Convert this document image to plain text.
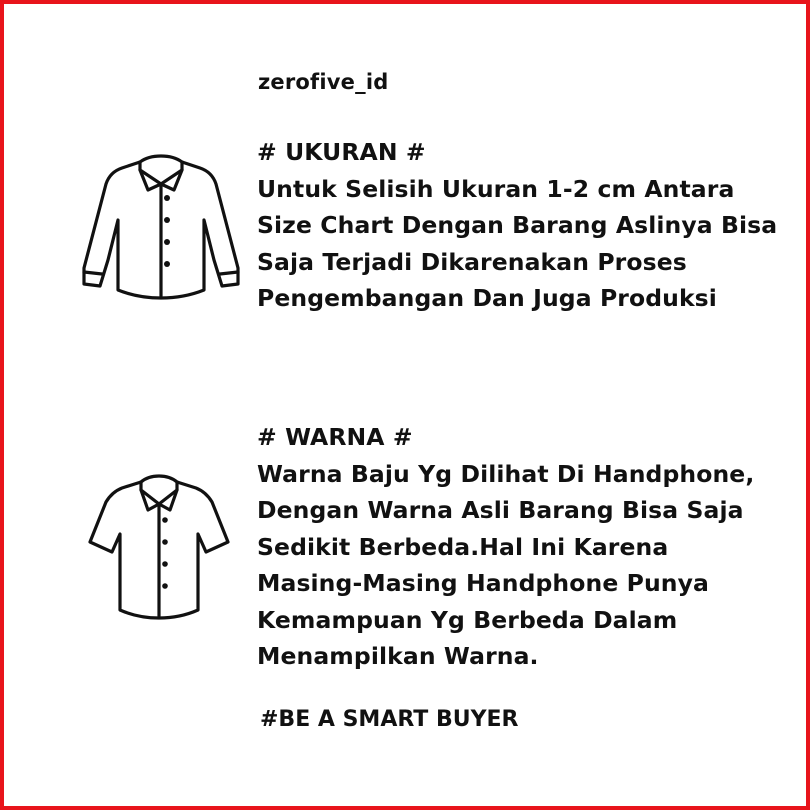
zerofive_id
# UKURAN #
Untuk Selisih Ukuran 1-2 cm Antara
Size Chart Dengan Barang Aslinya Bisa
Saja Terjadi Dikarenakan Proses
Pengembangan Dan Juga Produksi
# WARNA #
Warna Baju Yg Dilihat Di Handphone,
Dengan Warna Asli Barang Bisa Saja
Sedikit Berbeda.Hal Ini Karena
Masing-Masing Handphone Punya
Kemampuan Yg Berbeda Dalam
Menampilkan Warna.
#BE A SMART BUYER
